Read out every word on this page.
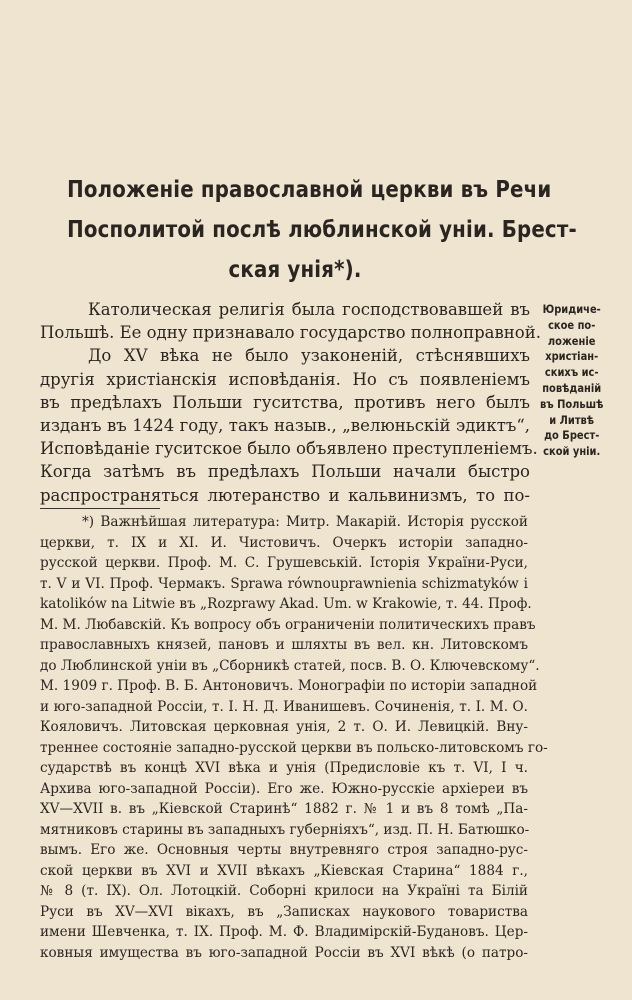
Положеніе православной церкви въ Речи
Посполитой послѣ люблинской уніи. Брест-
ская унія*).
Католическая религія была господствовавшей въ
Польшѣ. Ее одну признавало государство полноправной.
До XV вѣка не было узаконеній, стѣснявшихъ
другія христіанскія исповѣданія. Но съ появленіемъ
въ предѣлахъ Польши гуситства, противъ него былъ
изданъ въ 1424 году, такъ назыв., „велюньскій эдиктъ“,
Исповѣданіе гуситское было объявлено преступленіемъ.
Когда затѣмъ въ предѣлахъ Польши начали быстро
распространяться лютеранство и кальвинизмъ, то по-
Юридиче-
ское по-
ложеніе
христіан-
скихъ ис-
повѣданій
въ Польшѣ
и Литвѣ
до Брест-
ской уніи.
*) Важнѣйшая литература: Митр. Макарій. Исторія русской
церкви, т. IX и XI. И. Чистовичъ. Очеркъ исторіи западно-
русской церкви. Проф. М. С. Грушевській. Історія України-Руси,
т. V и VI. Проф. Чермакъ. Sprawa równouprawnienia schizmatyków i
katolików na Litwie въ „Rozprawy Akad. Um. w Krakowie, т. 44. Проф.
М. М. Любавскій. Къ вопросу объ ограниченіи политическихъ правъ
православныхъ князей, пановъ и шляхты въ вел. кн. Литовскомъ
до Люблинской уніи въ „Сборникѣ статей, посв. В. О. Ключевскому“.
М. 1909 г. Проф. В. Б. Антоновичъ. Монографіи по исторіи западной
и юго-западной Россіи, т. I. Н. Д. Иванишевъ. Сочиненія, т. I. М. О.
Кояловичъ. Литовская церковная унія, 2 т. О. И. Левицкій. Вну-
треннее состояніе западно-русской церкви въ польско-литовскомъ го-
сударствѣ въ концѣ XVI вѣка и унія (Предисловіе къ т. VI, I ч.
Архива юго-западной Россіи). Его же. Южно-русскіе архіереи въ
XV—XVII в. въ „Кіевской Старинѣ“ 1882 г. № 1 и въ 8 томѣ „Па-
мятниковъ старины въ западныхъ губерніяхъ“, изд. П. Н. Батюшко-
вымъ. Его же. Основныя черты внутревняго строя западно-рус-
ской церкви въ XVI и XVII вѣкахъ „Кіевская Старина“ 1884 г.,
№ 8 (т. IX). Ол. Лотоцкій. Соборні крилоси на Україні та Білій
Руси въ XV—XVI вікахъ, въ „Записках наукового товариства
имени Шевченка, т. IX. Проф. М. Ф. Владимірскій-Будановъ. Цер-
ковныя имущества въ юго-западной Россіи въ XVI вѣкѣ (о патро-
